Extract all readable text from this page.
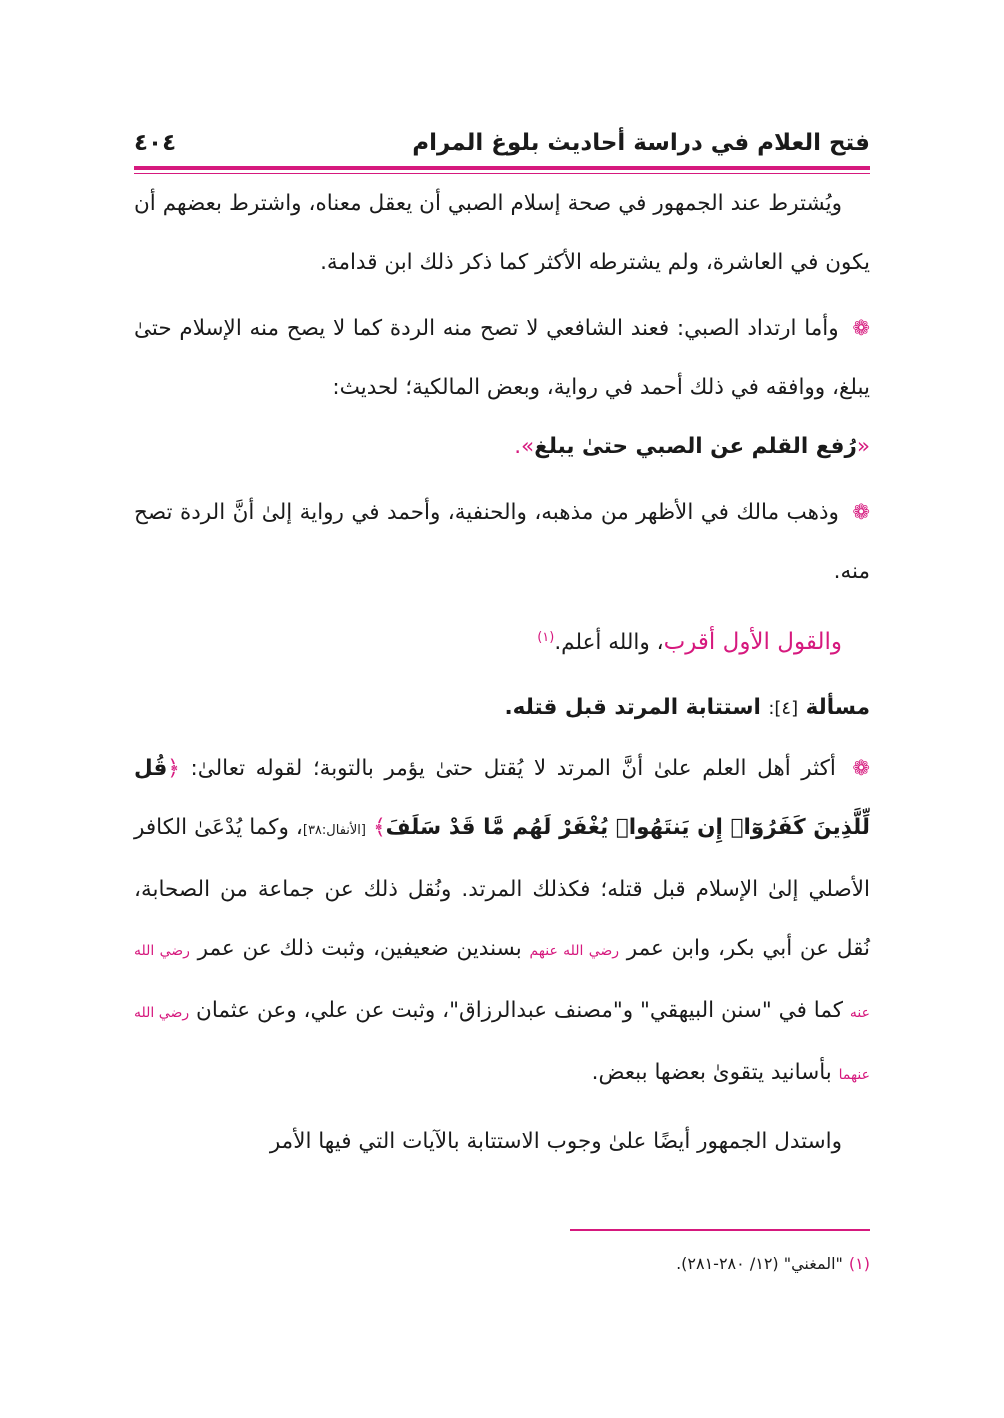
فتح العلام في دراسة أحاديث بلوغ المرام
٤٠٤

ويُشترط عند الجمهور في صحة إسلام الصبي أن يعقل معناه، واشترط بعضهم أن يكون في العاشرة، ولم يشترطه الأكثر كما ذكر ذلك ابن قدامة.

❁ وأما ارتداد الصبي: فعند الشافعي لا تصح منه الردة كما لا يصح منه الإسلام حتىٰ يبلغ، ووافقه في ذلك أحمد في رواية، وبعض المالكية؛ لحديث:
«رُفع القلم عن الصبي حتىٰ يبلغ».

❁ وذهب مالك في الأظهر من مذهبه، والحنفية، وأحمد في رواية إلىٰ أنَّ الردة تصح منه.

والقول الأول أقرب، والله أعلم.$^{(١)}$

مسألة [٤]: استتابة المرتد قبل قتله.

❁ أكثر أهل العلم علىٰ أنَّ المرتد لا يُقتل حتىٰ يؤمر بالتوبة؛ لقوله تعالىٰ: ﴿قُل لِّلَّذِينَ كَفَرُوٓا۟ إِن يَنتَهُوا۟ يُغْفَرْ لَهُم مَّا قَدْ سَلَفَ﴾ [الأنفال:٣٨]، وكما يُدْعَىٰ الكافر الأصلي إلىٰ الإسلام قبل قتله؛ فكذلك المرتد. ونُقل ذلك عن جماعة من الصحابة، نُقل عن أبي بكر، وابن عمر رضي الله عنهم بسندين ضعيفين، وثبت ذلك عن عمر رضي الله عنه كما في "سنن البيهقي" و"مصنف عبدالرزاق"، وثبت عن علي، وعن عثمان رضي الله عنهما بأسانيد يتقوىٰ بعضها ببعض.

واستدل الجمهور أيضًا علىٰ وجوب الاستتابة بالآيات التي فيها الأمر

(١)"المغني" (١٢/ ٢٨٠-٢٨١).
